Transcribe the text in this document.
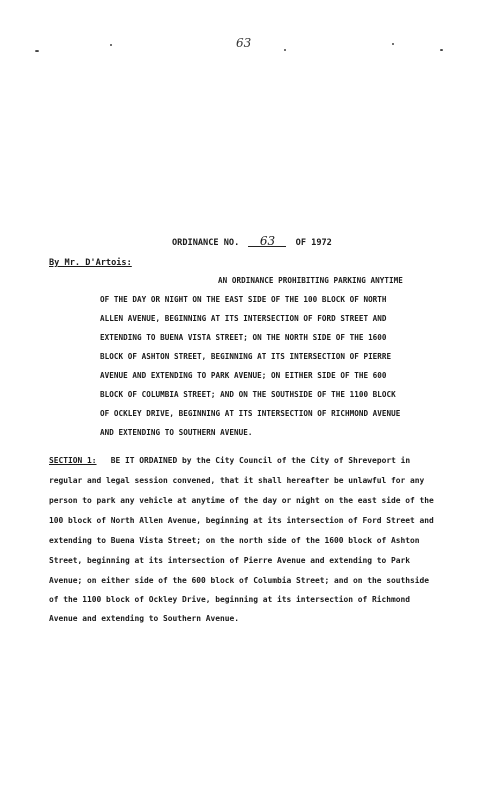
63
ORDINANCE NO. 63 OF 1972
By Mr. D'Artois:
AN ORDINANCE PROHIBITING PARKING ANYTIME
OF THE DAY OR NIGHT ON THE EAST SIDE OF THE 100 BLOCK OF NORTH
ALLEN AVENUE, BEGINNING AT ITS INTERSECTION OF FORD STREET AND
EXTENDING TO BUENA VISTA STREET; ON THE NORTH SIDE OF THE 1600
BLOCK OF ASHTON STREET, BEGINNING AT ITS INTERSECTION OF PIERRE
AVENUE AND EXTENDING TO PARK AVENUE; ON EITHER SIDE OF THE 600
BLOCK OF COLUMBIA STREET; AND ON THE SOUTHSIDE OF THE 1100 BLOCK
OF OCKLEY DRIVE, BEGINNING AT ITS INTERSECTION OF RICHMOND AVENUE
AND EXTENDING TO SOUTHERN AVENUE.
SECTION 1: BE IT ORDAINED by the City Council of the City of Shreveport in
regular and legal session convened, that it shall hereafter be unlawful for any
person to park any vehicle at anytime of the day or night on the east side of the
100 block of North Allen Avenue, beginning at its intersection of Ford Street and
extending to Buena Vista Street; on the north side of the 1600 block of Ashton
Street, beginning at its intersection of Pierre Avenue and extending to Park
Avenue; on either side of the 600 block of Columbia Street; and on the southside
of the 1100 block of Ockley Drive, beginning at its intersection of Richmond
Avenue and extending to Southern Avenue.
